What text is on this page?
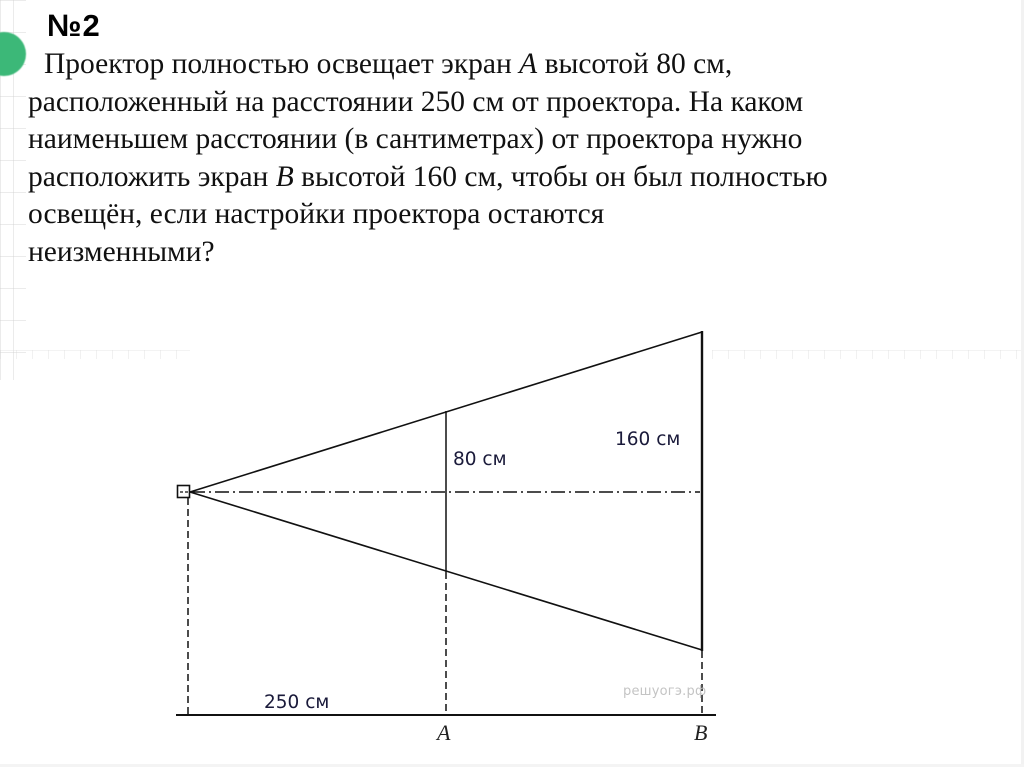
№2
Проектор полностью освещает экран A высотой 80 см,
расположенный на расстоянии 250 см от проектора. На каком
наименьшем расстоянии (в сантиметрах) от проектора нужно
расположить экран B высотой 160 см, чтобы он был полностью
освещён, если настройки проектора остаются
неизменными?
80 см
160 см
250 см
A	B
решуогэ.рф
